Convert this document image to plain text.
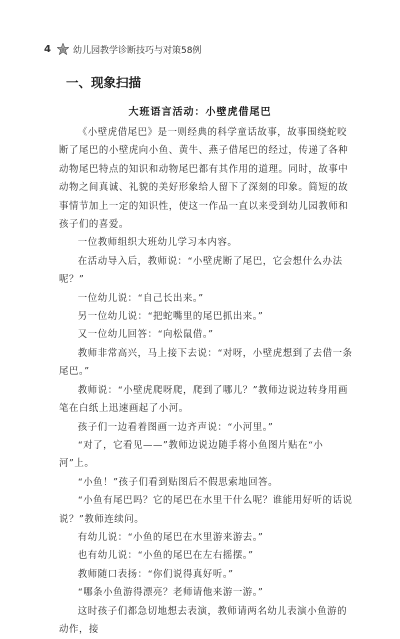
4 幼儿园教学诊断技巧与对策58例
一、现象扫描
大班语言活动：小壁虎借尾巴

《小壁虎借尾巴》是一则经典的科学童话故事，故事围绕蛇咬断了尾巴的小壁虎向小鱼、黄牛、燕子借尾巴的经过，传递了各种动物尾巴特点的知识和动物尾巴都有其作用的道理。同时，故事中动物之间真诚、礼貌的美好形象给人留下了深刻的印象。简短的故事情节加上一定的知识性，使这一作品一直以来受到幼儿园教师和孩子们的喜爱。

一位教师组织大班幼儿学习本内容。

在活动导入后，教师说：“小壁虎断了尾巴，它会想什么办法呢？”

一位幼儿说：“自己长出来。”

另一位幼儿说：“把蛇嘴里的尾巴抓出来。”

又一位幼儿回答：“向松鼠借。”

教师非常高兴，马上接下去说：“对呀，小壁虎想到了去借一条尾巴。”

教师说：“小壁虎爬呀爬，爬到了哪儿？”教师边说边转身用画笔在白纸上迅速画起了小河。

孩子们一边看着图画一边齐声说：“小河里。”

“对了，它看见——”教师边说边随手将小鱼图片贴在“小河”上。

“小鱼！”孩子们看到贴图后不假思索地回答。

“小鱼有尾巴吗？它的尾巴在水里干什么呢？谁能用好听的话说说？”教师连续问。

有幼儿说：“小鱼的尾巴在水里游来游去。”

也有幼儿说：“小鱼的尾巴在左右摇摆。”

教师随口表扬：“你们说得真好听。”

“哪条小鱼游得漂亮？老师请他来游一游。”

这时孩子们都急切地想去表演，教师请两名幼儿表演小鱼游的动作，接
